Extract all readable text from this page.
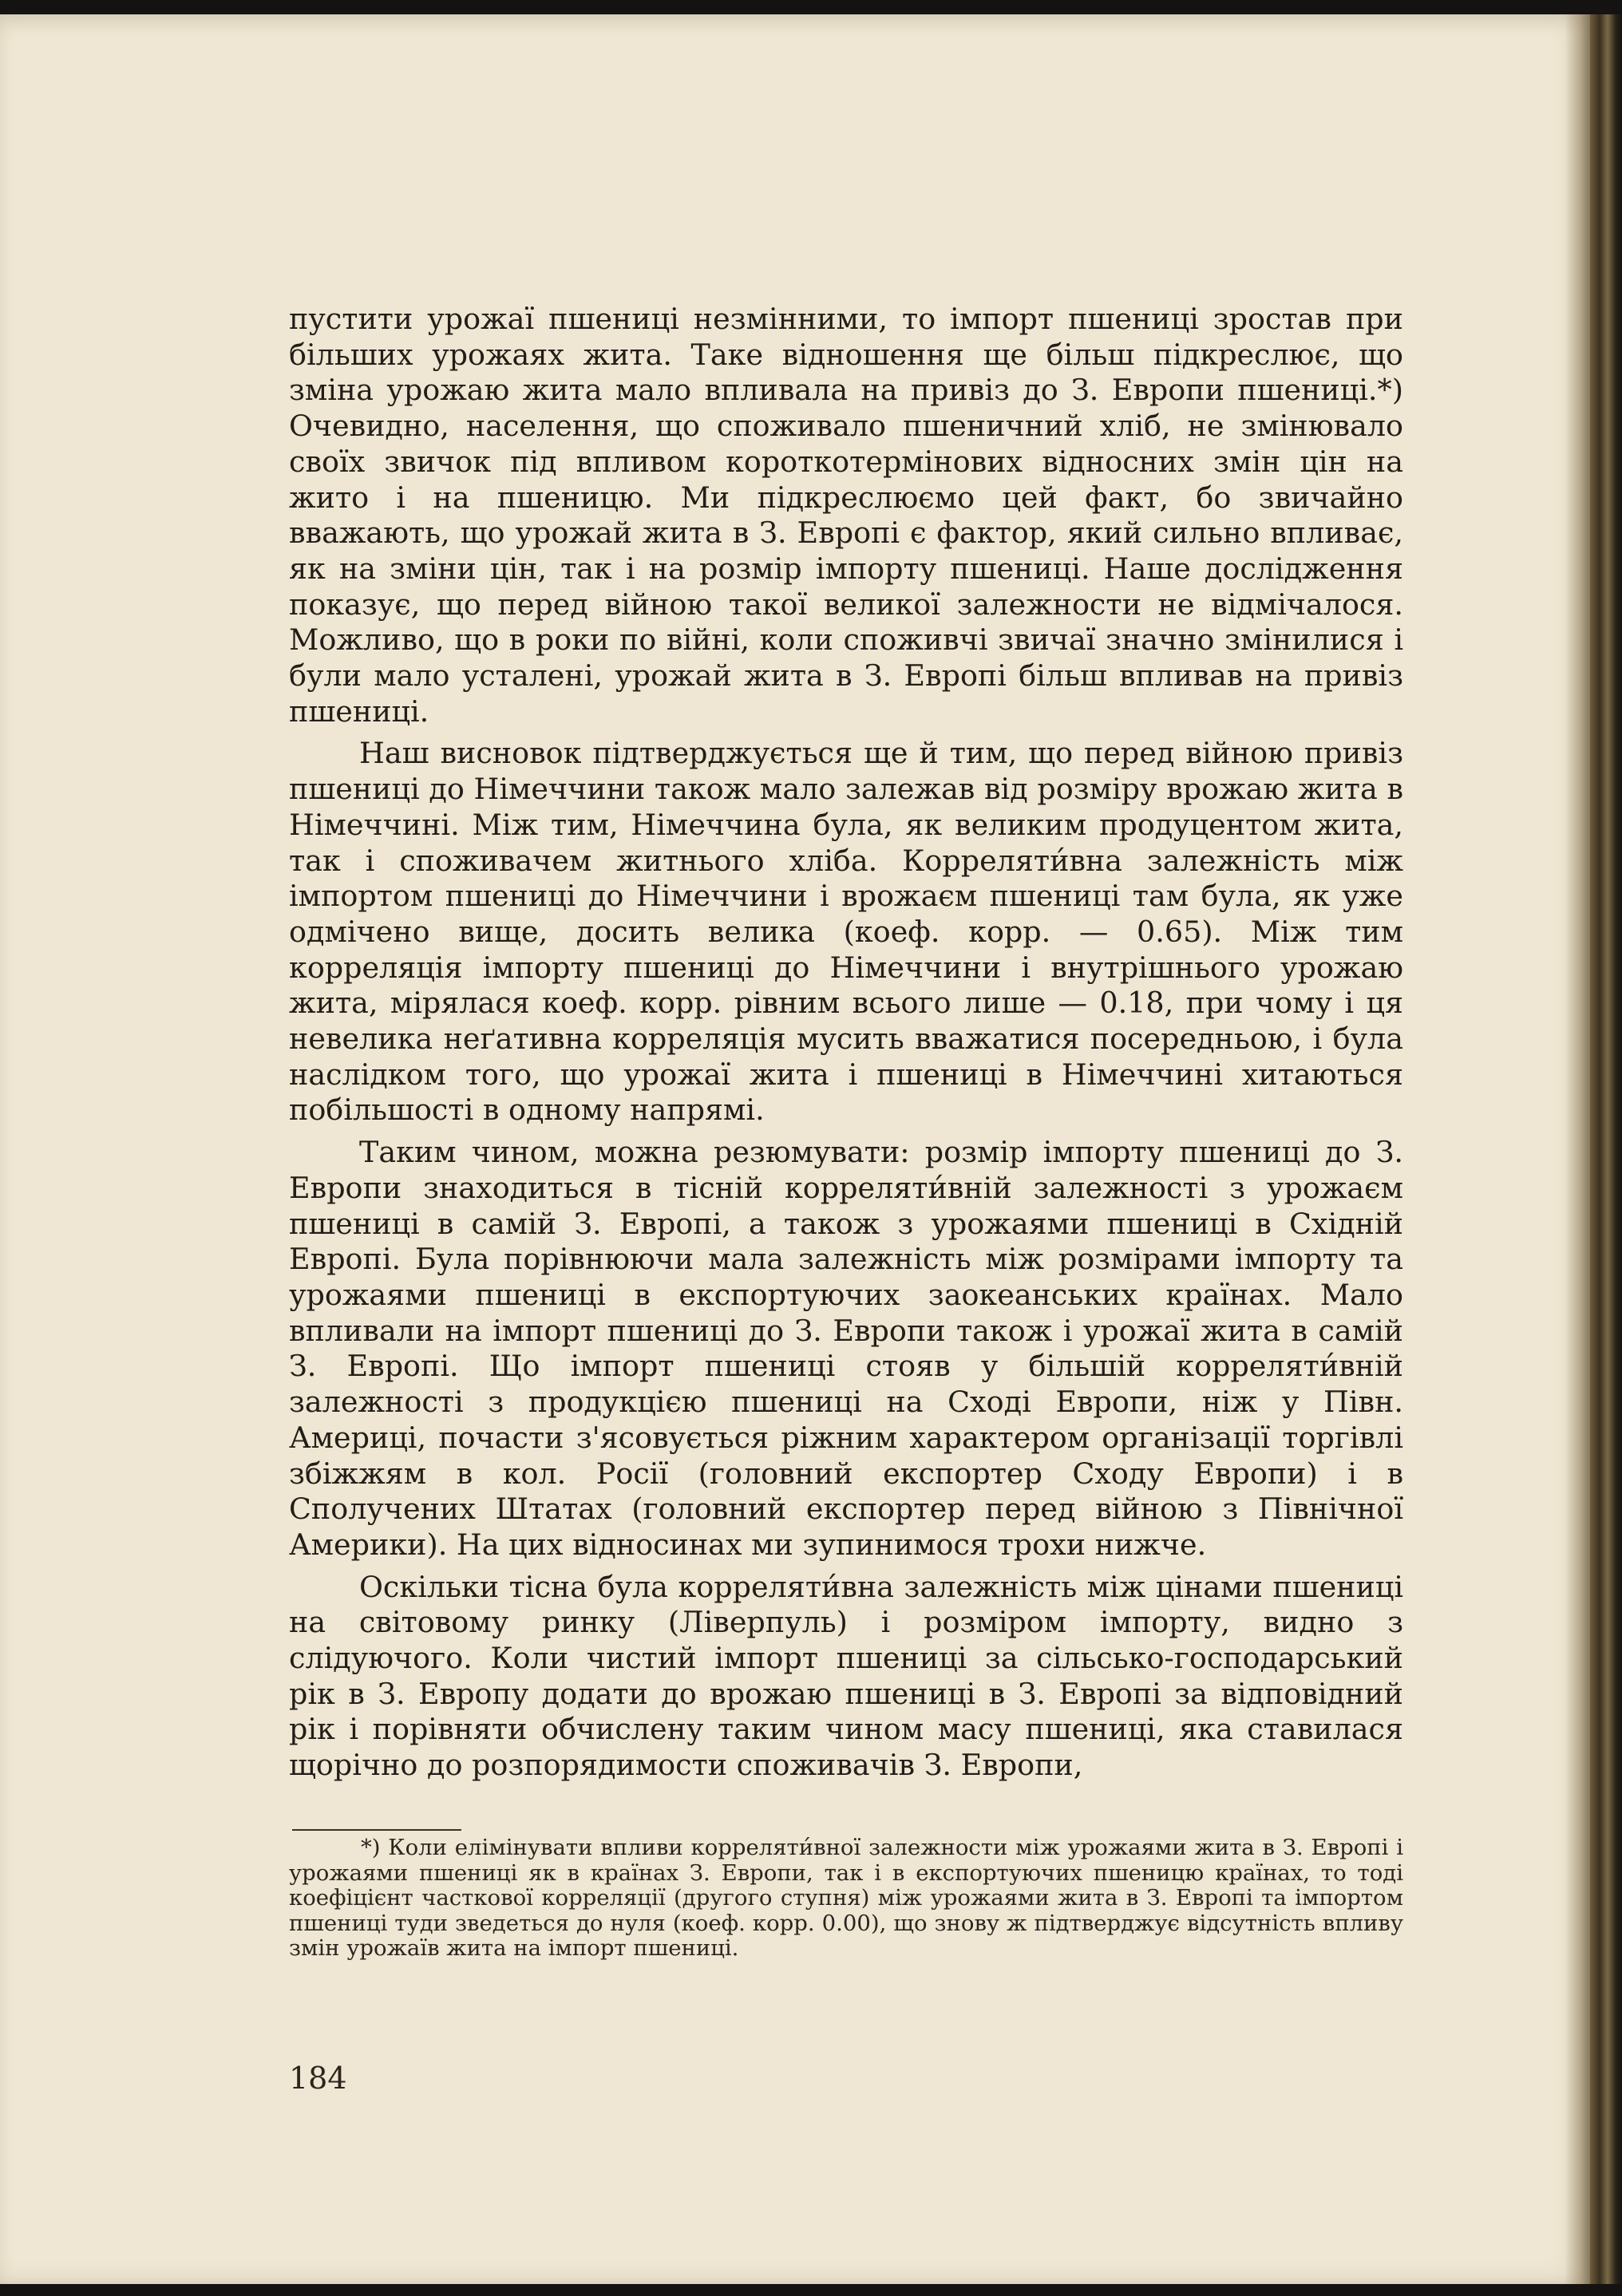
пустити урожаї пшениці незмінними, то імпорт пшениці зростав при більших урожаях жита. Таке відношення ще більш підкреслює, що зміна урожаю жита мало впливала на привіз до З. Европи пшениці.*) Очевидно, населення, що споживало пшеничний хліб, не змінювало своїх звичок під впливом короткотермінових відносних змін цін на жито і на пшеницю. Ми підкреслюємо цей факт, бо звичайно вважають, що урожай жита в З. Европі є фактор, який сильно впливає, як на зміни цін, так і на розмір імпорту пшениці. Наше дослідження показує, що перед війною такої великої залежности не відмічалося. Можливо, що в роки по війні, коли споживчі звичаї значно змінилися і були мало усталені, урожай жита в З. Европі більш впливав на привіз пшениці.

Наш висновок підтверджується ще й тим, що перед війною привіз пшениці до Німеччини також мало залежав від розміру врожаю жита в Німеччині. Між тим, Німеччина була, як великим продуцентом жита, так і споживачем житнього хліба. Корреляти́вна залежність між імпортом пшениці до Німеччини і врожаєм пшениці там була, як уже одмічено вище, досить велика (коеф. корр. — 0.65). Між тим корреляція імпорту пшениці до Німеччини і внутрішнього урожаю жита, мірялася коеф. корр. рівним всього лише — 0.18, при чому і ця невелика неґативна корреляція мусить вважатися посередньою, і була наслідком того, що урожаї жита і пшениці в Німеччині хитаються побільшості в одному напрямі.

Таким чином, можна резюмувати: розмір імпорту пшениці до З. Европи знаходиться в тісній корреляти́вній залежності з урожаєм пшениці в самій З. Европі, а також з урожаями пшениці в Східній Европі. Була порівнюючи мала залежність між розмірами імпорту та урожаями пшениці в експортуючих заокеанських країнах. Мало впливали на імпорт пшениці до З. Европи також і урожаї жита в самій З. Европі. Що імпорт пшениці стояв у більшій корреляти́вній залежності з продукцією пшениці на Сході Европи, ніж у Півн. Америці, почасти з'ясовується ріжним характером організації торгівлі збіжжям в кол. Росії (головний експортер Сходу Европи) і в Сполучених Штатах (головний експортер перед війною з Північної Америки). На цих відносинах ми зупинимося трохи нижче.

Оскільки тісна була корреляти́вна залежність між цінами пшениці на світовому ринку (Ліверпуль) і розміром імпорту, видно з слідуючого. Коли чистий імпорт пшениці за сільсько-господарський рік в З. Европу додати до врожаю пшениці в З. Европі за відповідний рік і порівняти обчислену таким чином масу пшениці, яка ставилася щорічно до розпорядимости споживачів З. Европи,

*) Коли елімінувати впливи корреляти́вної залежности між урожаями жита в З. Европі і урожаями пшениці як в країнах З. Европи, так і в експортуючих пшеницю країнах, то тоді коефіцієнт часткової корреляції (другого ступня) між урожаями жита в З. Европі та імпортом пшениці туди зведеться до нуля (коеф. корр. 0.00), що знову ж підтверджує відсутність впливу змін урожаїв жита на імпорт пшениці.
184
